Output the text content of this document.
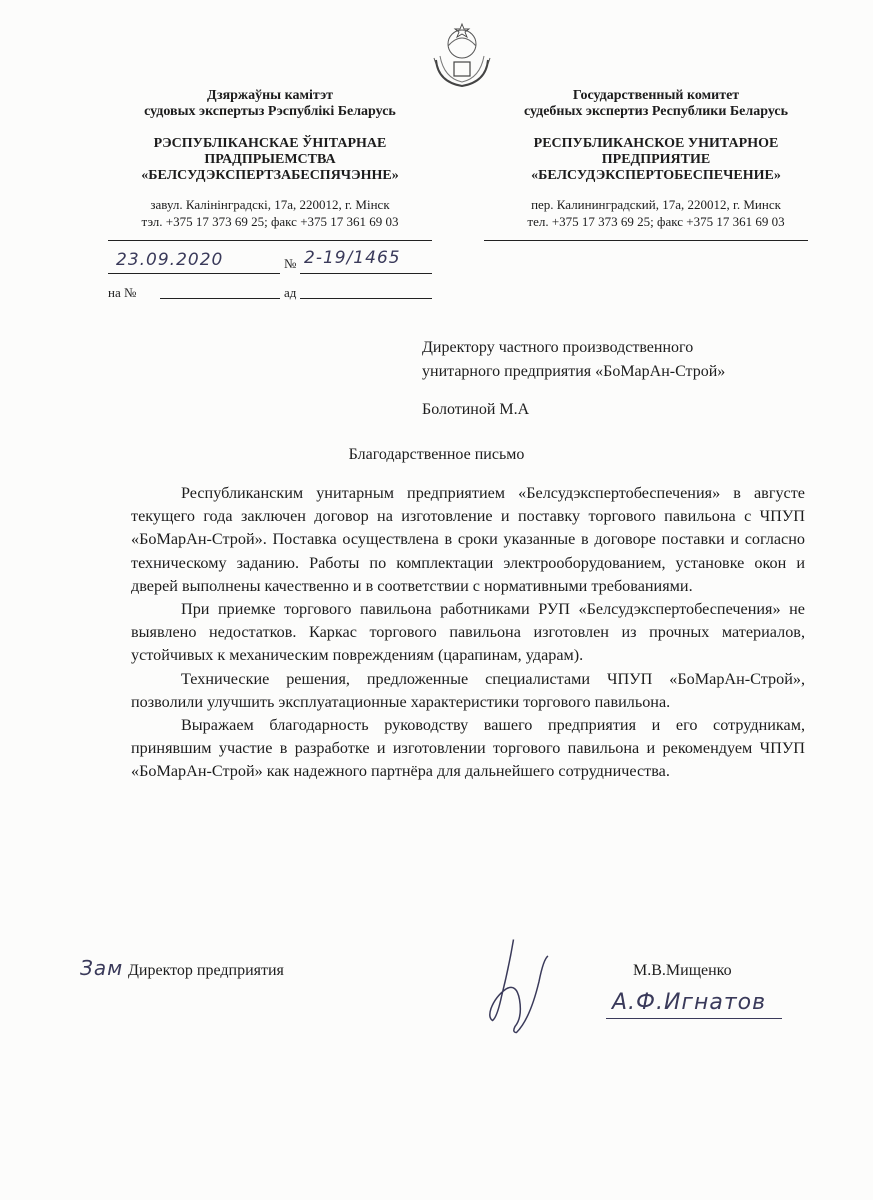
Дзяржаўны камітэт
судовых экспертыз Рэспублікі Беларусь
РЭСПУБЛІКАНСКАЕ ЎНІТАРНАЕ
ПРАДПРЫЕМСТВА
«БЕЛСУДЭКСПЕРТЗАБЕСПЯЧЭННЕ»
завул. Калінінградскі, 17а, 220012, г. Мінск
тэл. +375 17 373 69 25; факс +375 17 361 69 03
Государственный комитет
судебных экспертиз Республики Беларусь
РЕСПУБЛИКАНСКОЕ УНИТАРНОЕ
ПРЕДПРИЯТИЕ
«БЕЛСУДЭКСПЕРТОБЕСПЕЧЕНИЕ»
пер. Калининградский, 17а, 220012, г. Минск
тел. +375 17 373 69 25; факс +375 17 361 69 03
23.09.2020	№ 2-19/1465
на №	ад
Директору частного производственного
унитарного предприятия «БоМарАн-Строй»
Болотиной М.А
Благодарственное письмо

Республиканским унитарным предприятием «Белсудэкспертобеспечения» в августе текущего года заключен договор на изготовление и поставку торгового павильона с ЧПУП «БоМарАн-Строй». Поставка осуществлена в сроки указанные в договоре поставки и согласно техническому заданию. Работы по комплектации электрооборудованием, установке окон и дверей выполнены качественно и в соответствии с нормативными требованиями.

При приемке торгового павильона работниками РУП «Белсудэкспертобеспечения» не выявлено недостатков. Каркас торгового павильона изготовлен из прочных материалов, устойчивых к механическим повреждениям (царапинам, ударам).

Технические решения, предложенные специалистами ЧПУП «БоМарАн-Строй», позволили улучшить эксплуатационные характеристики торгового павильона.

Выражаем благодарность руководству вашего предприятия и его сотрудникам, принявшим участие в разработке и изготовлении торгового павильона и рекомендуем ЧПУП «БоМарАн-Строй» как надежного партнёра для дальнейшего сотрудничества.

Зам Директор предприятия	М.В.Мищенко
А.Ф.Игнатов
